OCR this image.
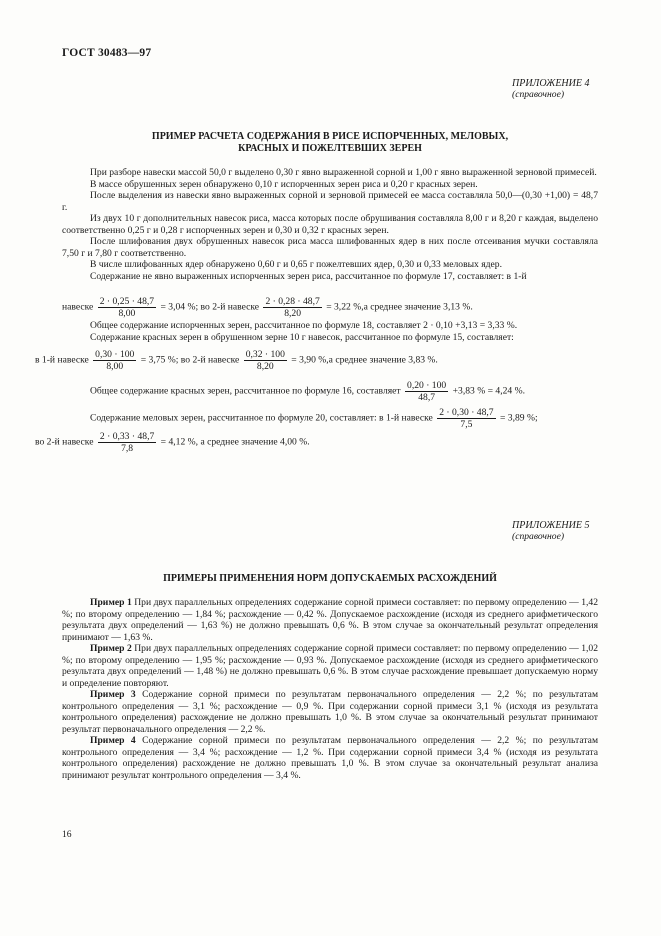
ГОСТ 30483—97
ПРИЛОЖЕНИЕ 4
(справочное)
ПРИМЕР РАСЧЕТА СОДЕРЖАНИЯ В РИСЕ ИСПОРЧЕННЫХ, МЕЛОВЫХ,
КРАСНЫХ И ПОЖЕЛТЕВШИХ ЗЕРЕН

При разборе навески массой 50,0 г выделено 0,30 г явно выраженной сорной и 1,00 г явно выраженной зерновой примесей.

В массе обрушенных зерен обнаружено 0,10 г испорченных зерен риса и 0,20 г красных зерен.

После выделения из навески явно выраженных сорной и зерновой примесей ее масса составляла 50,0—(0,30 +1,00) = 48,7 г.

Из двух 10 г дополнительных навесок риса, масса которых после обрушивания составляла 8,00 г и 8,20 г каждая, выделено соответственно 0,25 г и 0,28 г испорченных зерен и 0,30 и 0,32 г красных зерен.

После шлифования двух обрушенных навесок риса масса шлифованных ядер в них после отсеивания мучки составляла 7,50 г и 7,80 г соответственно.

В числе шлифованных ядер обнаружено 0,60 г и 0,65 г пожелтевших ядер, 0,30 и 0,33 меловых ядер.

Содержание не явно выраженных испорченных зерен риса, рассчитанное по формуле 17, составляет: в 1-й

навеске $\frac{2 \cdot 0,25 \cdot 48,7}{8,00} = 3,04$ %; во 2-й навеске $\frac{2 \cdot 0,28 \cdot 48,7}{8,20} = 3,22$ %,а среднее значение 3,13 %.

Общее содержание испорченных зерен, рассчитанное по формуле 18, составляет 2 · 0,10 +3,13 = 3,33 %.

Содержание красных зерен в обрушенном зерне 10 г навесок, рассчитанное по формуле 15, составляет:

в 1-й навеске $\frac{0,30 \cdot 100}{8,00} = 3,75$ %; во 2-й навеске $\frac{0,32 \cdot 100}{8,20} = 3,90$ %,а среднее значение 3,83 %.
Общее содержание красных зерен, рассчитанное по формуле 16, составляет $\frac{0,20 \cdot 100}{48,7} +3,83$ % = 4,24 %.
Содержание меловых зерен, рассчитанное по формуле 20, составляет: в 1-й навеске $\frac{2 \cdot 0,30 \cdot 48,7}{7,5} = 3,89$ %;
во 2-й навеске $\frac{2 \cdot 0,33 \cdot 48,7}{7,8} = 4,12$ %, а среднее значение 4,00 %.
ПРИЛОЖЕНИЕ 5
(справочное)
ПРИМЕРЫ ПРИМЕНЕНИЯ НОРМ ДОПУСКАЕМЫХ РАСХОЖДЕНИЙ

Пример 1 При двух параллельных определениях содержание сорной примеси составляет: по первому определению — 1,42 %; по второму определению — 1,84 %; расхождение — 0,42 %. Допускаемое расхождение (исходя из среднего арифметического результата двух определений — 1,63 %) не должно превышать 0,6 %. В этом случае за окончательный результат определения принимают — 1,63 %.

Пример 2 При двух параллельных определениях содержание сорной примеси составляет: по первому определению — 1,02 %; по второму определению — 1,95 %; расхождение — 0,93 %. Допускаемое расхождение (исходя из среднего арифметического результата двух определений — 1,48 %) не должно превышать 0,6 %. В этом случае расхождение превышает допускаемую норму и определение повторяют.

Пример 3 Содержание сорной примеси по результатам первоначального определения — 2,2 %; по результатам контрольного определения — 3,1 %; расхождение — 0,9 %. При содержании сорной примеси 3,1 % (исходя из результата контрольного определения) расхождение не должно превышать 1,0 %. В этом случае за окончательный результат принимают результат первоначального определения — 2,2 %.

Пример 4 Содержание сорной примеси по результатам первоначального определения — 2,2 %; по результатам контрольного определения — 3,4 %; расхождение — 1,2 %. При содержании сорной примеси 3,4 % (исходя из результата контрольного определения) расхождение не должно превышать 1,0 %. В этом случае за окончательный результат анализа принимают результат контрольного определения — 3,4 %.

16
